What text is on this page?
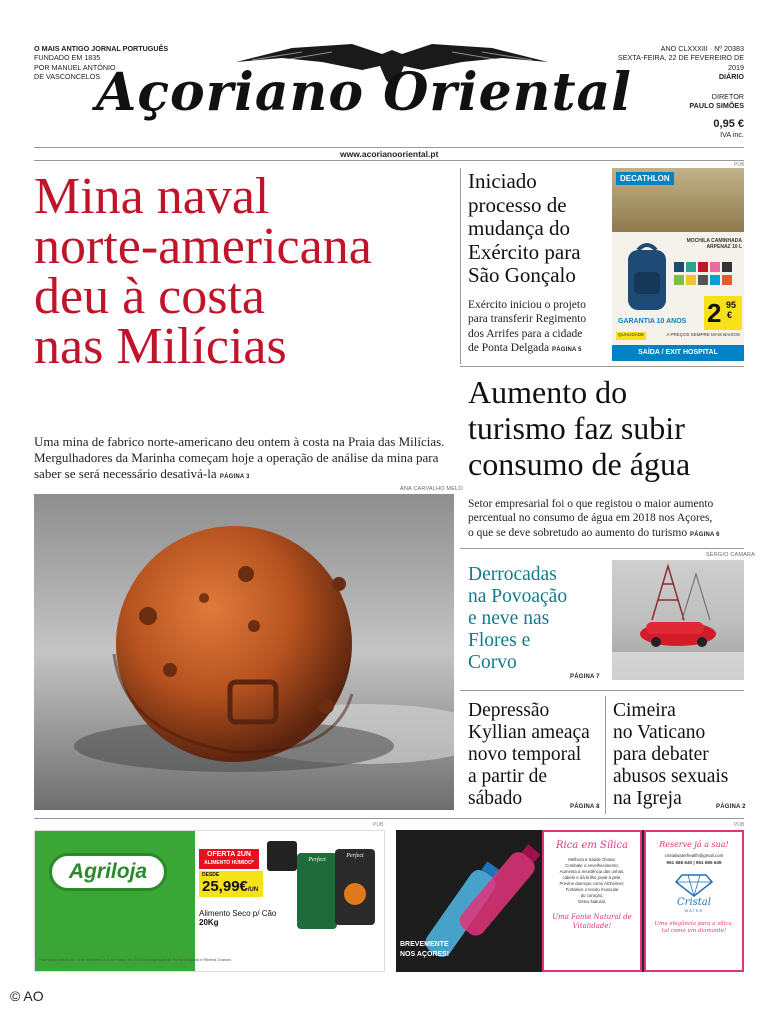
O MAIS ANTIGO JORNAL PORTUGUÊS
FUNDADO EM 1835
POR MANUEL ANTÓNIO
DE VASCONCELOS
Açoriano Oriental
ANO CLXXXIII · Nº 20383
SEXTA-FEIRA, 22 DE FEVEREIRO DE 2019
DIÁRIO
DIRETOR
PAULO SIMÕES
0,95 €
IVA inc.
www.acorianooriental.pt
Mina naval
norte-americana
deu à costa
nas Milícias
Uma mina de fabrico norte-americano deu ontem à costa na Praia das Milícias. Mergulhadores da Marinha começam hoje a operação de análise da mina para saber se será necessário desativá-la PÁGINA 3
ANA CARVALHO MELO
Iniciado
processo de
mudança do
Exército para
São Gonçalo
Exército iniciou o projeto
para transferir Regimento
dos Arrifes para a cidade
de Ponta Delgada PÁGINA 5
PUB
DECATHLON
MOCHILA CAMINHADA ARPENAZ 10 L
2 95
€
GARANTIA 10 ANOS
QUALIDADE	A PREÇOS SEMPRE MAIS BAIXOS
SAÍDA / EXIT HOSPITAL
Aumento do
turismo faz subir
consumo de água
Setor empresarial foi o que registou o maior aumento
percentual no consumo de água em 2018 nos Açores,
o que se deve sobretudo ao aumento do turismo PÁGINA 6
SÉRGIO CAMARA
Derrocadas
na Povoação
e neve nas
Flores e
Corvo
PÁGINA 7
Depressão
Kyllian ameaça
novo temporal
a partir de
sábado	PÁGINA 8
Cimeira
no Vaticano
para debater
abusos sexuais
na Igreja	PÁGINA 2
PUB
Agriloja
OFERTA 2UN
ALIMENTO HÚMIDO*
DESDE
25,99€/UN
Alimento Seco p/ Cão
20Kg
Perfect
Perfect
Promoção válida de 13 de fevereiro a 3 de março de 2019 nas Agrilojas de Ponta Delgada e Ribeira Grande.
PUB
BREVEMENTE
NOS AÇORES!
Rica em Sílica
Melhora a Saúde Óssea;
Combate o envelhecimento;
Aumenta a resistência das unhas,
cabelo e dá brilho jovial à pele;
Previne doenças como Alzheimer;
Fortalece o tecido muscular
do coração;
Detox Natural;
Uma Fonte Natural de Vitalidade!
Reserve já a sua!
cristalwaterhealth@gmail.com
961 686 640 | 961 686 649
Cristal
WATER
Uma elegância para a sílica, tal como um diamante!
© AO
